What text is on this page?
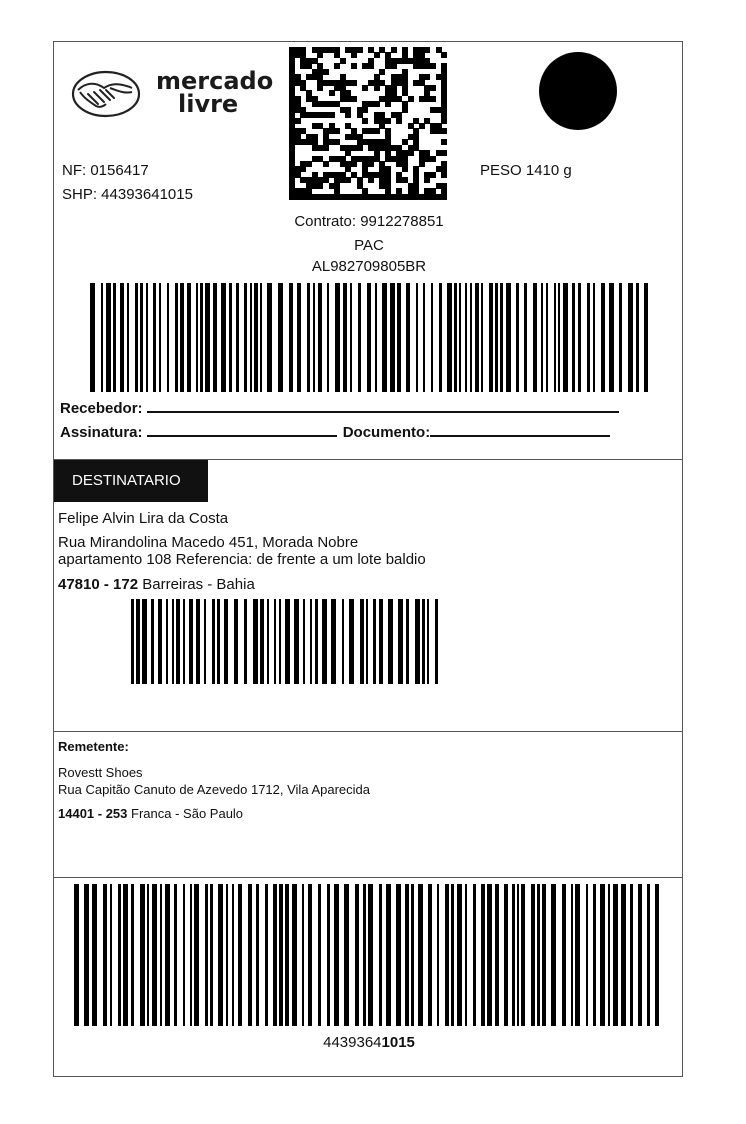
mercado
livre
NF: 0156417
SHP: 44393641015
PESO 1410 g
Contrato: 9912278851
PAC
AL982709805BR
Recebedor:
Assinatura:	Documento:
DESTINATARIO
Felipe Alvin Lira da Costa
Rua Mirandolina Macedo 451, Morada Nobre
apartamento 108 Referencia: de frente a um lote baldio
47810 - 172 Barreiras - Bahia
Remetente:
Rovestt Shoes
Rua Capitão Canuto de Azevedo 1712, Vila Aparecida
14401 - 253 Franca - São Paulo
44393641015
